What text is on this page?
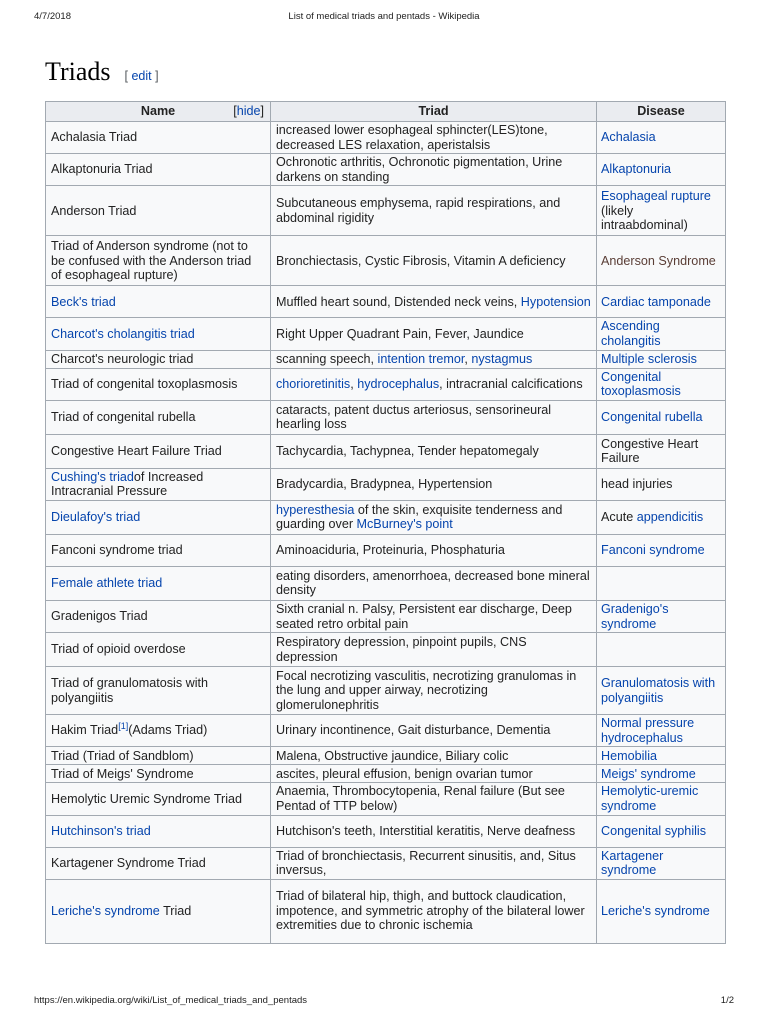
4/7/2018	List of medical triads and pentads - Wikipedia
Triads [ edit ]
Name [hide]	Triad	Disease
Achalasia Triad	increased lower esophageal sphincter(LES)tone, decreased LES relaxation, aperistalsis	Achalasia
Alkaptonuria Triad	Ochronotic arthritis, Ochronotic pigmentation, Urine darkens on standing	Alkaptonuria
Anderson Triad	Subcutaneous emphysema, rapid respirations, and abdominal rigidity	Esophageal rupture (likely intraabdominal)
Triad of Anderson syndrome (not to be confused with the Anderson triad of esophageal rupture)	Bronchiectasis, Cystic Fibrosis, Vitamin A deficiency	Anderson Syndrome
Beck's triad	Muffled heart sound, Distended neck veins, Hypotension	Cardiac tamponade
Charcot's cholangitis triad	Right Upper Quadrant Pain, Fever, Jaundice	Ascending cholangitis
Charcot's neurologic triad	scanning speech, intention tremor, nystagmus	Multiple sclerosis
Triad of congenital toxoplasmosis	chorioretinitis, hydrocephalus, intracranial calcifications	Congenital toxoplasmosis
Triad of congenital rubella	cataracts, patent ductus arteriosus, sensorineural hearling loss	Congenital rubella
Congestive Heart Failure Triad	Tachycardia, Tachypnea, Tender hepatomegaly	Congestive Heart Failure
Cushing's triadof Increased Intracranial Pressure	Bradycardia, Bradypnea, Hypertension	head injuries
Dieulafoy's triad	hyperesthesia of the skin, exquisite tenderness and guarding over McBurney's point	Acute appendicitis
Fanconi syndrome triad	Aminoaciduria, Proteinuria, Phosphaturia	Fanconi syndrome
Female athlete triad	eating disorders, amenorrhoea, decreased bone mineral density	
Gradenigos Triad	Sixth cranial n. Palsy, Persistent ear discharge, Deep seated retro orbital pain	Gradenigo's syndrome
Triad of opioid overdose	Respiratory depression, pinpoint pupils, CNS depression	
Triad of granulomatosis with polyangiitis	Focal necrotizing vasculitis, necrotizing granulomas in the lung and upper airway, necrotizing glomerulonephritis	Granulomatosis with polyangiitis
Hakim Triad[1](Adams Triad)	Urinary incontinence, Gait disturbance, Dementia	Normal pressure hydrocephalus
Triad (Triad of Sandblom)	Malena, Obstructive jaundice, Biliary colic	Hemobilia
Triad of Meigs' Syndrome	ascites, pleural effusion, benign ovarian tumor	Meigs' syndrome
Hemolytic Uremic Syndrome Triad	Anaemia, Thrombocytopenia, Renal failure (But see Pentad of TTP below)	Hemolytic-uremic syndrome
Hutchinson's triad	Hutchison's teeth, Interstitial keratitis, Nerve deafness	Congenital syphilis
Kartagener Syndrome Triad	Triad of bronchiectasis, Recurrent sinusitis, and, Situs inversus,	Kartagener syndrome
Leriche's syndrome Triad	Triad of bilateral hip, thigh, and buttock claudication, impotence, and symmetric atrophy of the bilateral lower extremities due to chronic ischemia	Leriche's syndrome
https://en.wikipedia.org/wiki/List_of_medical_triads_and_pentads	1/2
